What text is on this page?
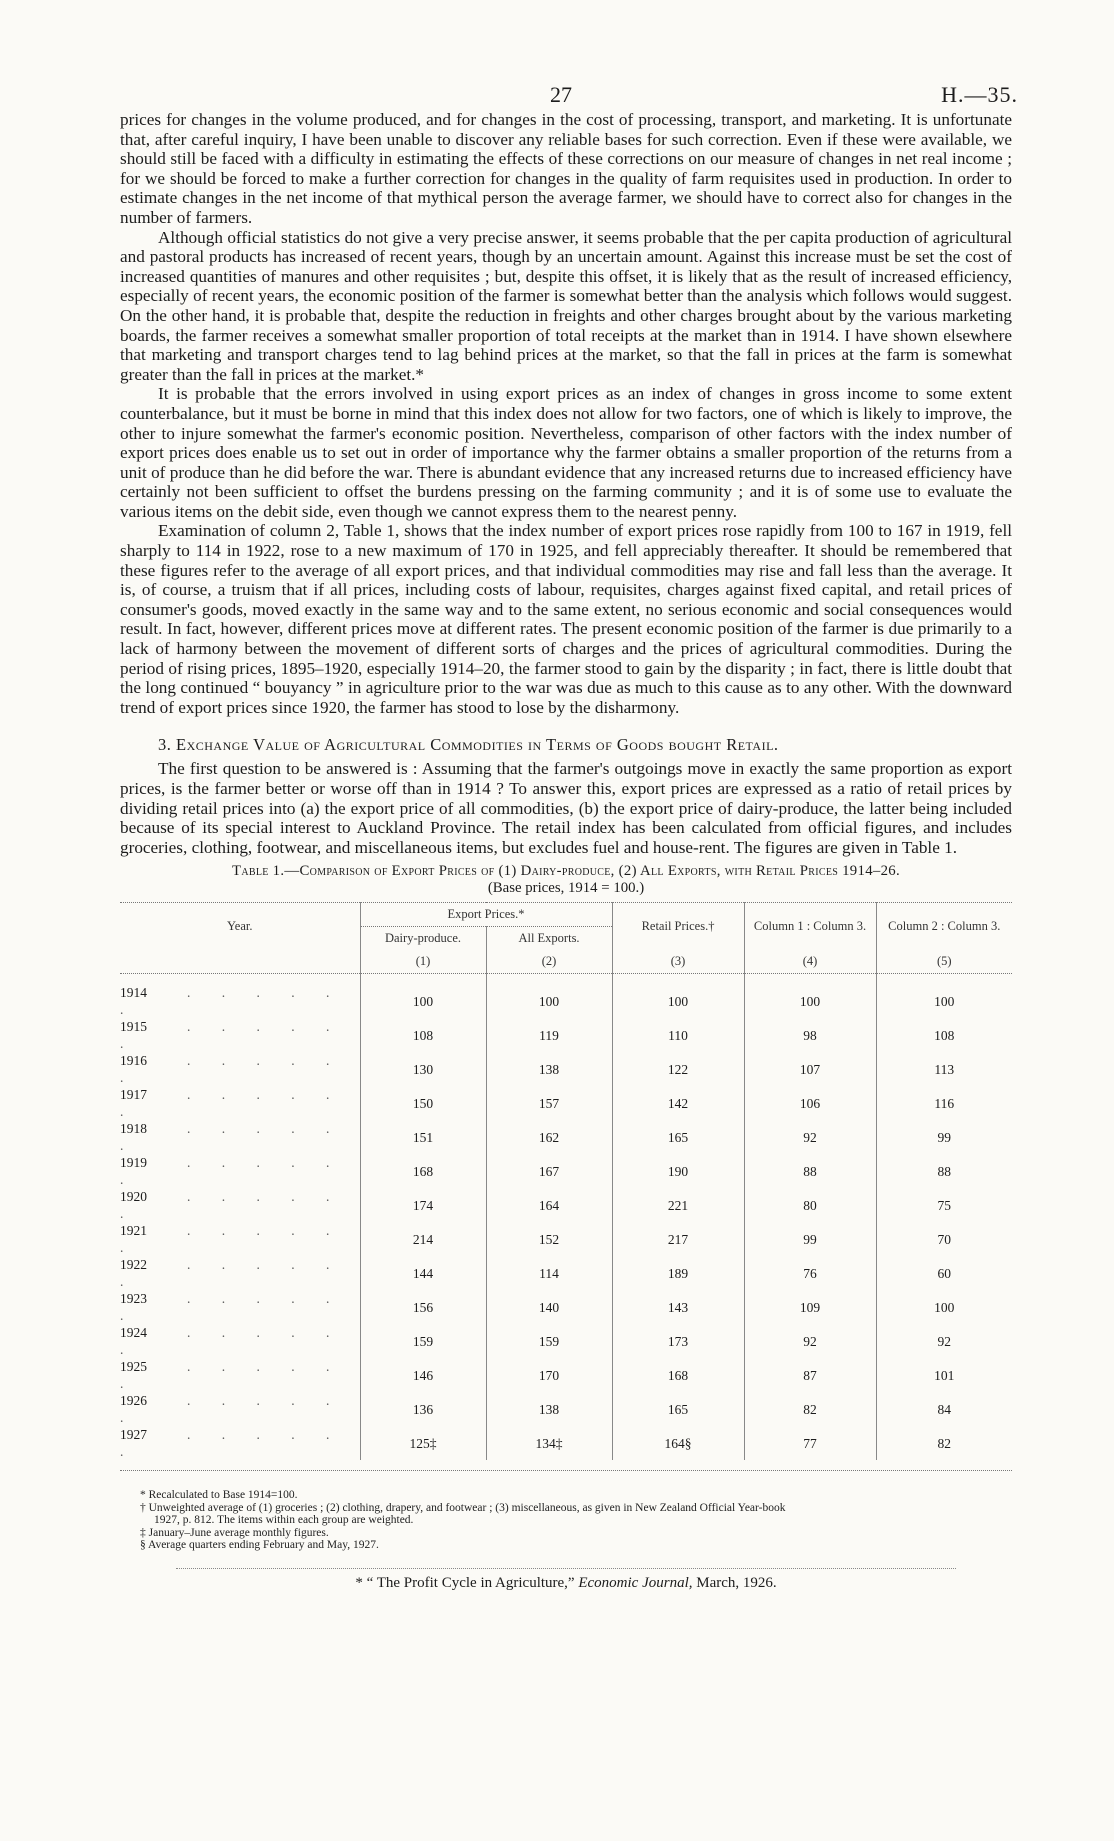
27	H.—35.

prices for changes in the volume produced, and for changes in the cost of processing, transport, and marketing. It is unfortunate that, after careful inquiry, I have been unable to discover any reliable bases for such correction. Even if these were available, we should still be faced with a difficulty in estimating the effects of these corrections on our measure of changes in net real income ; for we should be forced to make a further correction for changes in the quality of farm requisites used in production. In order to estimate changes in the net income of that mythical person the average farmer, we should have to correct also for changes in the number of farmers.

Although official statistics do not give a very precise answer, it seems probable that the per capita production of agricultural and pastoral products has increased of recent years, though by an uncertain amount. Against this increase must be set the cost of increased quantities of manures and other requisites ; but, despite this offset, it is likely that as the result of increased efficiency, especially of recent years, the economic position of the farmer is somewhat better than the analysis which follows would suggest. On the other hand, it is probable that, despite the reduction in freights and other charges brought about by the various marketing boards, the farmer receives a somewhat smaller proportion of total receipts at the market than in 1914. I have shown elsewhere that marketing and transport charges tend to lag behind prices at the market, so that the fall in prices at the farm is somewhat greater than the fall in prices at the market.*

It is probable that the errors involved in using export prices as an index of changes in gross income to some extent counterbalance, but it must be borne in mind that this index does not allow for two factors, one of which is likely to improve, the other to injure somewhat the farmer's economic position. Nevertheless, comparison of other factors with the index number of export prices does enable us to set out in order of importance why the farmer obtains a smaller proportion of the returns from a unit of produce than he did before the war. There is abundant evidence that any increased returns due to increased efficiency have certainly not been sufficient to offset the burdens pressing on the farming community ; and it is of some use to evaluate the various items on the debit side, even though we cannot express them to the nearest penny.

Examination of column 2, Table 1, shows that the index number of export prices rose rapidly from 100 to 167 in 1919, fell sharply to 114 in 1922, rose to a new maximum of 170 in 1925, and fell appreciably thereafter. It should be remembered that these figures refer to the average of all export prices, and that individual commodities may rise and fall less than the average. It is, of course, a truism that if all prices, including costs of labour, requisites, charges against fixed capital, and retail prices of consumer's goods, moved exactly in the same way and to the same extent, no serious economic and social consequences would result. In fact, however, different prices move at different rates. The present economic position of the farmer is due primarily to a lack of harmony between the movement of different sorts of charges and the prices of agricultural commodities. During the period of rising prices, 1895–1920, especially 1914–20, the farmer stood to gain by the disparity ; in fact, there is little doubt that the long continued “ bouyancy ” in agriculture prior to the war was due as much to this cause as to any other. With the downward trend of export prices since 1920, the farmer has stood to lose by the disharmony.

3. Exchange Value of Agricultural Commodities in Terms of Goods bought Retail.

The first question to be answered is : Assuming that the farmer's outgoings move in exactly the same proportion as export prices, is the farmer better or worse off than in 1914 ? To answer this, export prices are expressed as a ratio of retail prices by dividing retail prices into (a) the export price of all commodities, (b) the export price of dairy-produce, the latter being included because of its special interest to Auckland Province. The retail index has been calculated from official figures, and includes groceries, clothing, footwear, and miscellaneous items, but excludes fuel and house-rent. The figures are given in Table 1.

Table 1.—Comparison of Export Prices of (1) Dairy-produce, (2) All Exports, with Retail Prices 1914–26.
(Base prices, 1914 = 100.)
Year.	Export Prices.*		Retail Prices.†	Column 1 : Column 3.	Column 2 : Column 3.
	Dairy-produce.	All Exports.			
	(1)	(2)	(3)	(4)	(5)
1914 . . . . . .	100	100	100	100	100
1915 . . . . . .	108	119	110	98	108
1916 . . . . . .	130	138	122	107	113
1917 . . . . . .	150	157	142	106	116
1918 . . . . . .	151	162	165	92	99
1919 . . . . . .	168	167	190	88	88
1920 . . . . . .	174	164	221	80	75
1921 . . . . . .	214	152	217	99	70
1922 . . . . . .	144	114	189	76	60
1923 . . . . . .	156	140	143	109	100
1924 . . . . . .	159	159	173	92	92
1925 . . . . . .	146	170	168	87	101
1926 . . . . . .	136	138	165	82	84
1927 . . . . . .	125‡	134‡	164§	77	82
* Recalculated to Base 1914=100.
† Unweighted average of (1) groceries ; (2) clothing, drapery, and footwear ; (3) miscellaneous, as given in New Zealand Official Year-book
1927, p. 812. The items within each group are weighted.
‡ January–June average monthly figures.
§ Average quarters ending February and May, 1927.
* “ The Profit Cycle in Agriculture,” Economic Journal, March, 1926.
